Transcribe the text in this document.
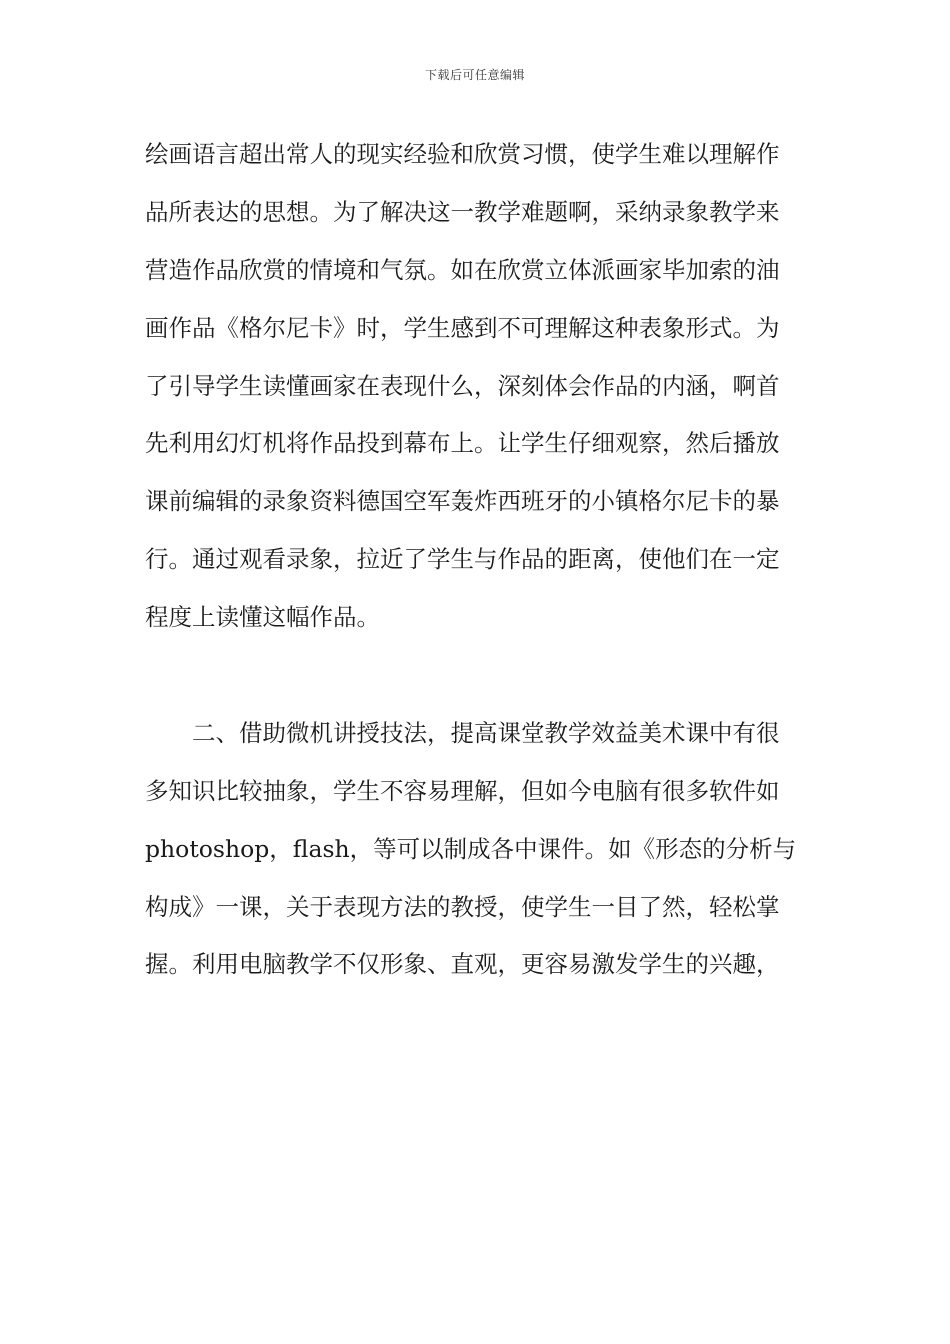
下载后可任意编辑
绘画语言超出常人的现实经验和欣赏习惯，使学生难以理解作
品所表达的思想。为了解决这一教学难题啊，采纳录象教学来
营造作品欣赏的情境和气氛。如在欣赏立体派画家毕加索的油
画作品《格尔尼卡》时，学生感到不可理解这种表象形式。为
了引导学生读懂画家在表现什么，深刻体会作品的内涵，啊首
先利用幻灯机将作品投到幕布上。让学生仔细观察，然后播放
课前编辑的录象资料德国空军轰炸西班牙的小镇格尔尼卡的暴
行。通过观看录象，拉近了学生与作品的距离，使他们在一定
程度上读懂这幅作品。
二、借助微机讲授技法，提高课堂教学效益美术课中有很
多知识比较抽象，学生不容易理解，但如今电脑有很多软件如
photoshop，flash，等可以制成各中课件。如《形态的分析与
构成》一课，关于表现方法的教授，使学生一目了然，轻松掌
握。利用电脑教学不仅形象、直观，更容易激发学生的兴趣，
